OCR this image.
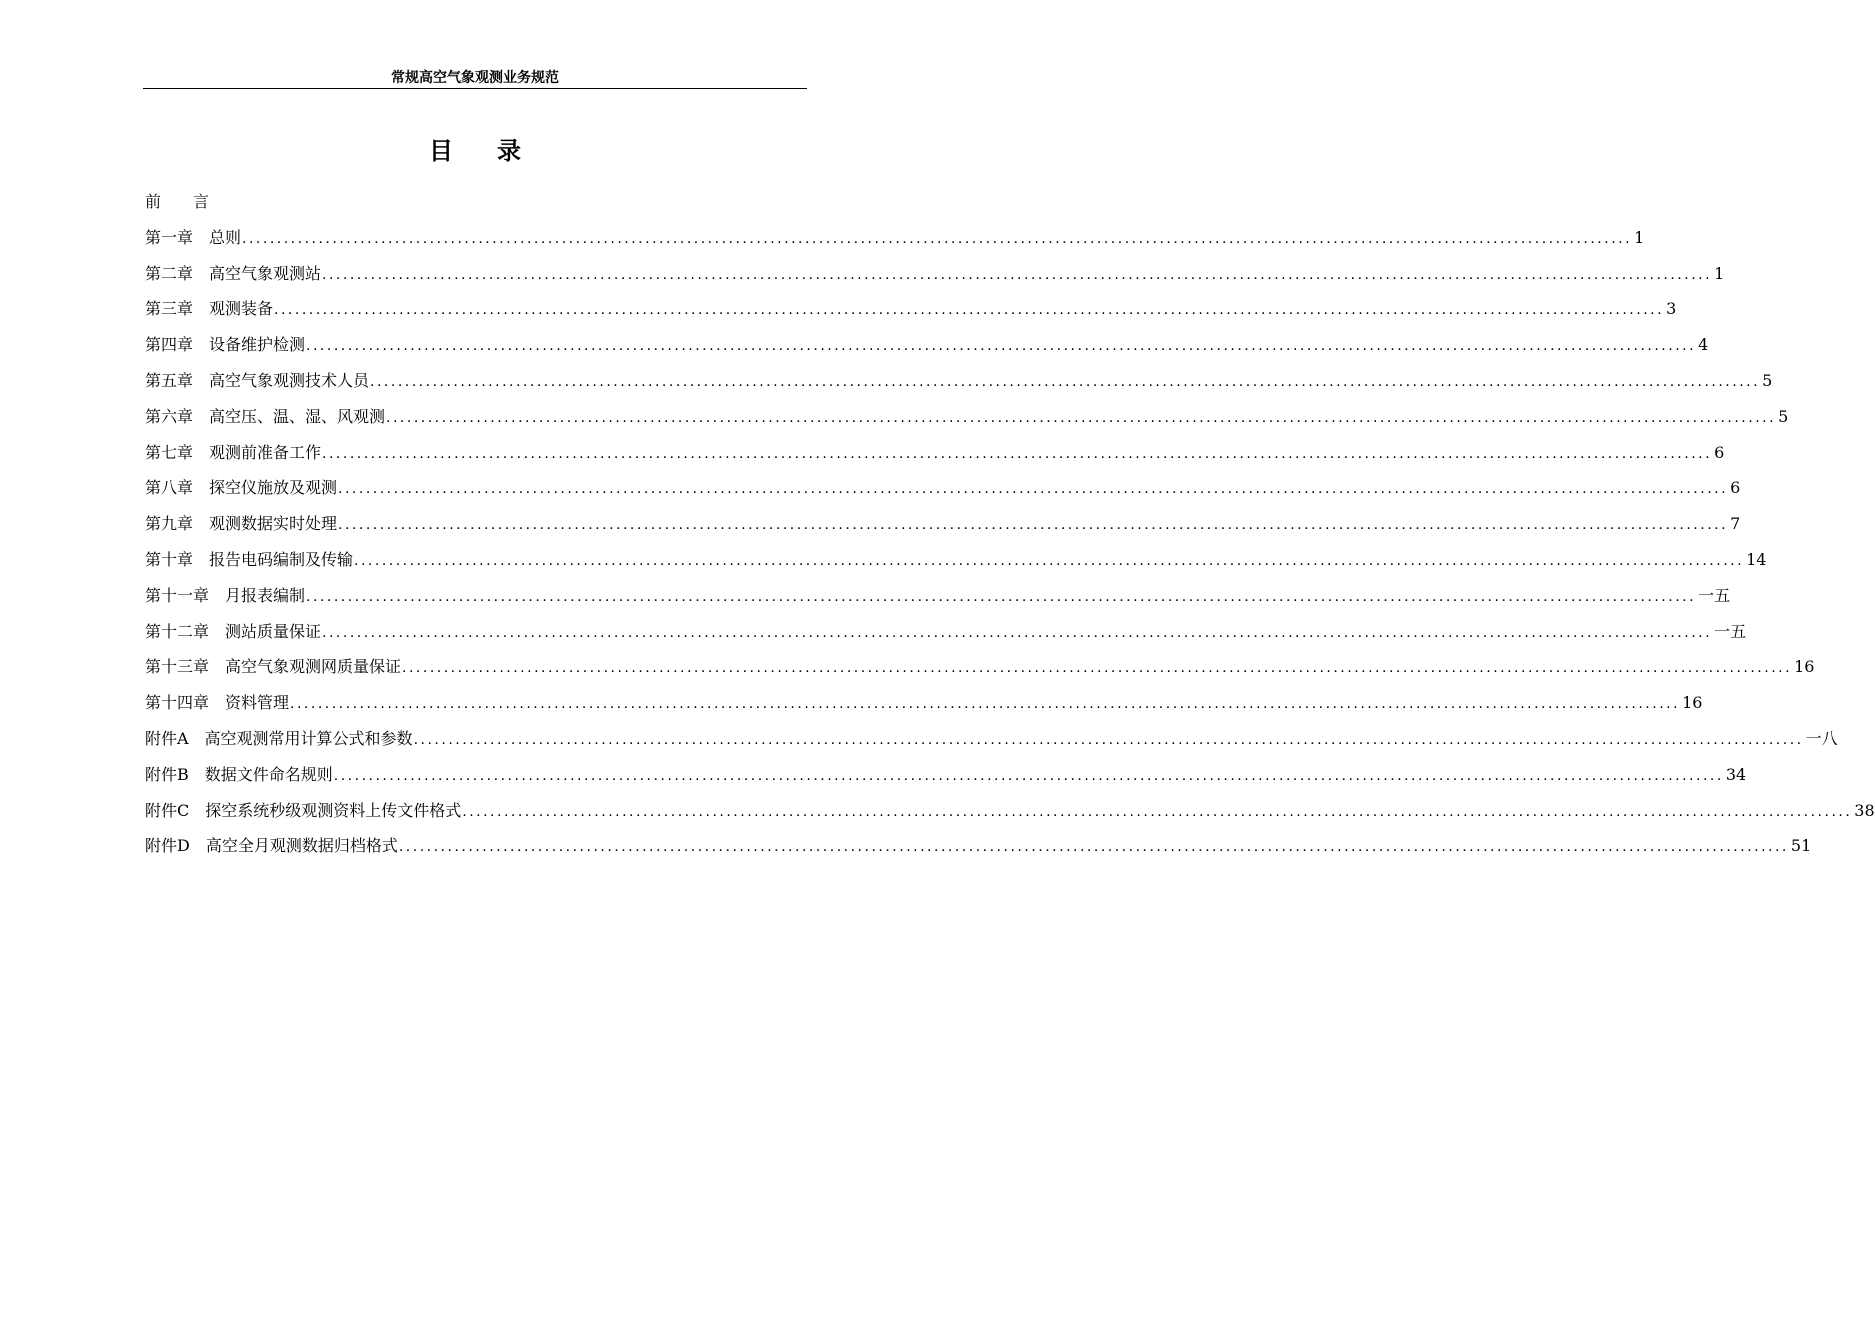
常规高空气象观测业务规范
目录
前　　言
第一章　总则 ........................................................................................................................................................................................................ 1
第二章　高空气象观测站 ........................................................................................................................................................................................................ 1
第三章　观测装备 ........................................................................................................................................................................................................ 3
第四章　设备维护检测 ........................................................................................................................................................................................................ 4
第五章　高空气象观测技术人员 ........................................................................................................................................................................................................ 5
第六章　高空压、温、湿、风观测 ........................................................................................................................................................................................................ 5
第七章　观测前准备工作 ........................................................................................................................................................................................................ 6
第八章　探空仪施放及观测 ........................................................................................................................................................................................................ 6
第九章　观测数据实时处理 ........................................................................................................................................................................................................ 7
第十章　报告电码编制及传输 ........................................................................................................................................................................................................ 14
第十一章　月报表编制 ........................................................................................................................................................................................................ 一五
第十二章　测站质量保证 ........................................................................................................................................................................................................ 一五
第十三章　高空气象观测网质量保证 ........................................................................................................................................................................................................ 16
第十四章　资料管理 ........................................................................................................................................................................................................ 16
附件A　高空观测常用计算公式和参数 ........................................................................................................................................................................................................ 一八
附件B　数据文件命名规则 ........................................................................................................................................................................................................ 34
附件C　探空系统秒级观测资料上传文件格式 ........................................................................................................................................................................................................ 38
附件D　高空全月观测数据归档格式 ........................................................................................................................................................................................................ 51
